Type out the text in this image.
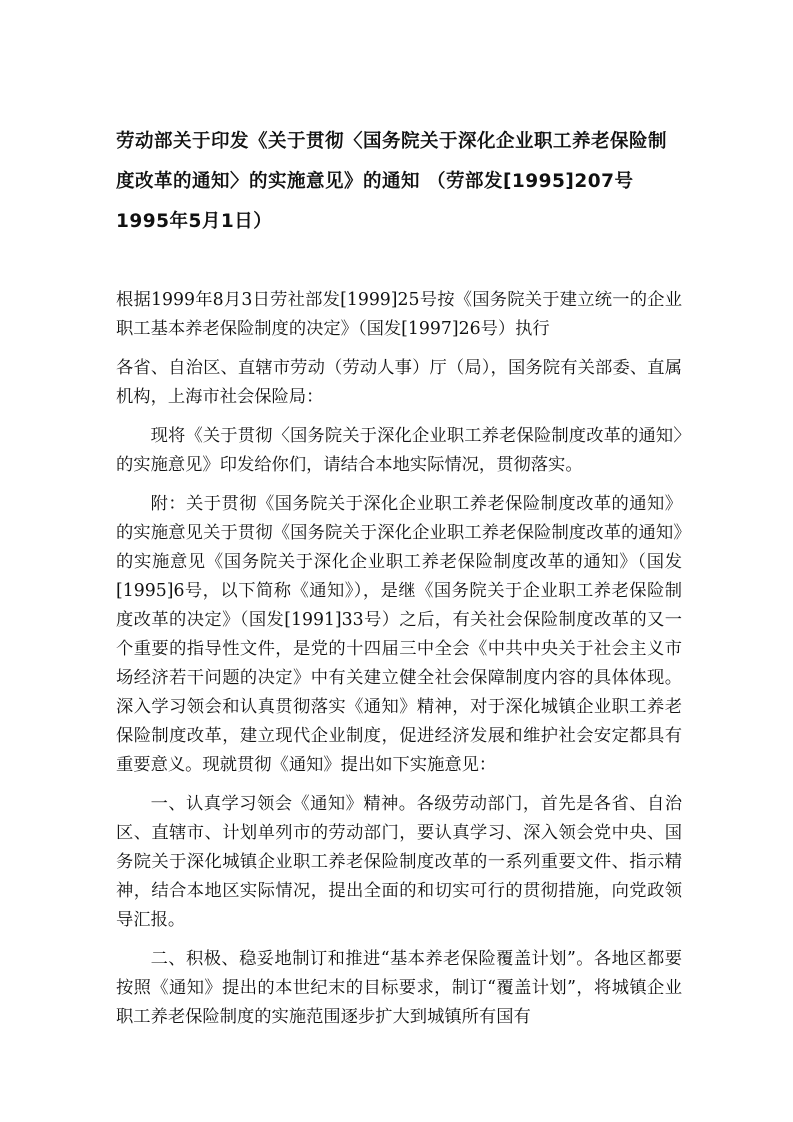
劳动部关于印发《关于贯彻〈国务院关于深化企业职工养老保险制度改革的通知〉的实施意见》的通知 （劳部发[1995]207号 1995年5月1日）

根据1999年8月3日劳社部发[1999]25号按《国务院关于建立统一的企业职工基本养老保险制度的决定》（国发[1997]26号）执行

各省、自治区、直辖市劳动（劳动人事）厅（局），国务院有关部委、直属机构，上海市社会保险局：

现将《关于贯彻〈国务院关于深化企业职工养老保险制度改革的通知〉的实施意见》印发给你们，请结合本地实际情况，贯彻落实。

附：关于贯彻《国务院关于深化企业职工养老保险制度改革的通知》的实施意见关于贯彻《国务院关于深化企业职工养老保险制度改革的通知》的实施意见《国务院关于深化企业职工养老保险制度改革的通知》（国发[1995]6号，以下简称《通知》），是继《国务院关于企业职工养老保险制度改革的决定》（国发[1991]33号）之后，有关社会保险制度改革的又一个重要的指导性文件，是党的十四届三中全会《中共中央关于社会主义市场经济若干问题的决定》中有关建立健全社会保障制度内容的具体体现。深入学习领会和认真贯彻落实《通知》精神，对于深化城镇企业职工养老保险制度改革，建立现代企业制度，促进经济发展和维护社会安定都具有重要意义。现就贯彻《通知》提出如下实施意见：

一、认真学习领会《通知》精神。各级劳动部门，首先是各省、自治区、直辖市、计划单列市的劳动部门，要认真学习、深入领会党中央、国务院关于深化城镇企业职工养老保险制度改革的一系列重要文件、指示精神，结合本地区实际情况，提出全面的和切实可行的贯彻措施，向党政领导汇报。

二、积极、稳妥地制订和推进“基本养老保险覆盖计划”。各地区都要按照《通知》提出的本世纪末的目标要求，制订“覆盖计划”，将城镇企业职工养老保险制度的实施范围逐步扩大到城镇所有国有
